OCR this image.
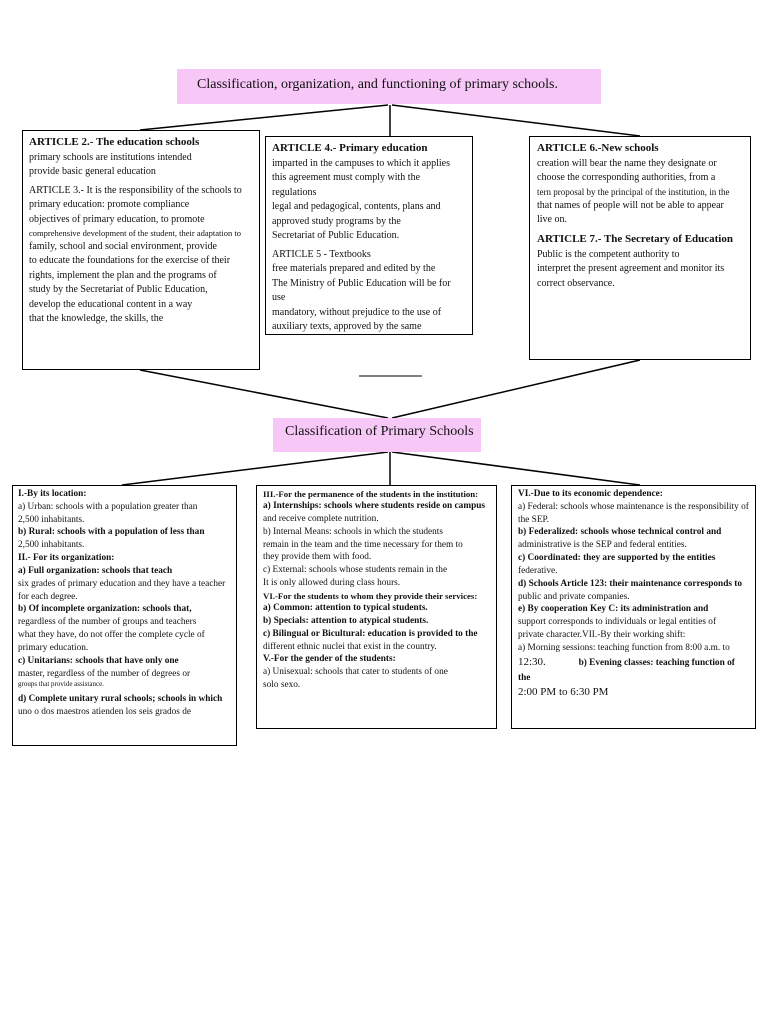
Classification, organization, and functioning of primary schools.

ARTICLE 2.- The education schools

primary schools are institutions intended

provide basic general education

ARTICLE 3.- It is the responsibility of the schools to

primary education: promote compliance

objectives of primary education, to promote

comprehensive development of the student, their adaptation to

family, school and social environment, provide

to educate the foundations for the exercise of their

rights, implement the plan and the programs of

study by the Secretariat of Public Education,

develop the educational content in a way

that the knowledge, the skills, the

ARTICLE 4.- Primary education

imparted in the campuses to which it applies

this agreement must comply with the regulations

legal and pedagogical, contents, plans and

approved study programs by the

Secretariat of Public Education.

ARTICLE 5 - Textbooks

free materials prepared and edited by the

The Ministry of Public Education will be for use

mandatory, without prejudice to the use of

auxiliary texts, approved by the same

ARTICLE 6.-New schools

creation will bear the name they designate or

choose the corresponding authorities, from a

tern proposal by the principal of the institution, in the

that names of people will not be able to appear

live on.

ARTICLE 7.- The Secretary of Education

Public is the competent authority to

interpret the present agreement and monitor its

correct observance.

Classification of Primary Schools

I.-By its location:

a) Urban: schools with a population greater than

2,500 inhabitants.

b) Rural: schools with a population of less than

2,500 inhabitants.

II.- For its organization:

a) Full organization: schools that teach

six grades of primary education and they have a teacher

for each degree.

b) Of incomplete organization: schools that,

regardless of the number of groups and teachers

what they have, do not offer the complete cycle of

primary education.

c) Unitarians: schools that have only one

master, regardless of the number of degrees or

groups that provide assistance.

d) Complete unitary rural schools; schools in which

uno o dos maestros atienden los seis grados de

III.-For the permanence of the students in the institution:

a) Internships: schools where students reside on campus

and receive complete nutrition.

b) Internal Means: schools in which the students

remain in the team and the time necessary for them to

they provide them with food.

c) External: schools whose students remain in the

It is only allowed during class hours.

VI.-For the students to whom they provide their services:

a) Common: attention to typical students.

b) Specials: attention to atypical students.

c) Bilingual or Bicultural: education is provided to the

different ethnic nuclei that exist in the country.

V.-For the gender of the students:

a) Unisexual: schools that cater to students of one

solo sexo.

VI.-Due to its economic dependence:

a) Federal: schools whose maintenance is the responsibility of

the SEP.

b) Federalized: schools whose technical control and

administrative is the SEP and federal entities.

c) Coordinated: they are supported by the entities

federative.

d) Schools Article 123: their maintenance corresponds to

public and private companies.

e) By cooperation Key C: its administration and

support corresponds to individuals or legal entities of

private character.VII.-By their working shift:

a) Morning sessions: teaching function from 8:00 a.m. to

12:30.	b) Evening classes: teaching function of the

2:00 PM to 6:30 PM
